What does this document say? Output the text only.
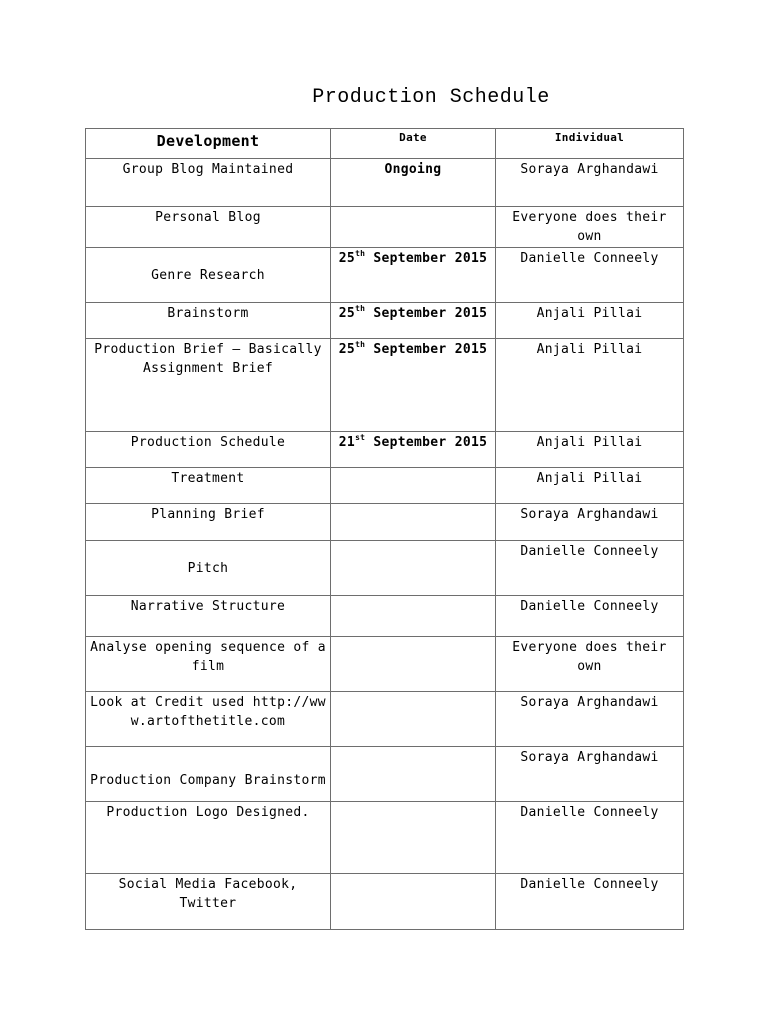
Production Schedule
Development	Date	Individual
Group Blog Maintained	Ongoing	Soraya Arghandawi
Personal Blog		Everyone does their own
Genre Research	25th September 2015	Danielle Conneely
Brainstorm	25th September 2015	Anjali Pillai
Production Brief – Basically Assignment Brief	25th September 2015	Anjali Pillai
Production Schedule	21st September 2015	Anjali Pillai
Treatment		Anjali Pillai
Planning Brief		Soraya Arghandawi
Pitch		Danielle Conneely
Narrative Structure		Danielle Conneely
Analyse opening sequence of a film		Everyone does their own
Look at Credit used http://www.artofthetitle.com		Soraya Arghandawi
Production Company Brainstorm		Soraya Arghandawi
Production Logo Designed.		Danielle Conneely
Social Media Facebook, Twitter		Danielle Conneely
